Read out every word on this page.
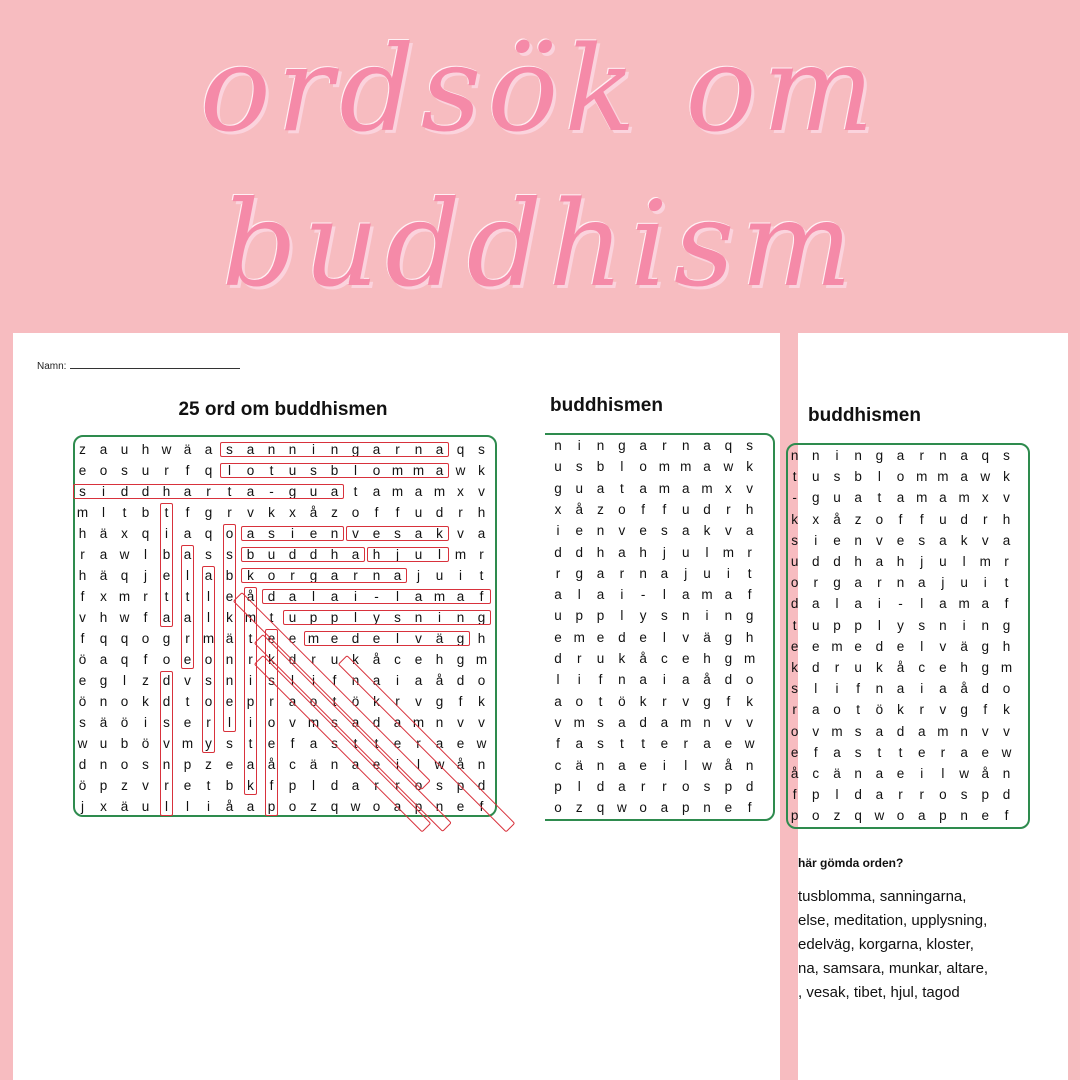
ordsök om
buddhism
Namn:
25 ord om buddhismen
z	a u h w ä a	s	a n n	i	n g a	r	n a q	s
e o	s	u	r	f	q	l	o	t	u	s	b	l	o m m a w k
s	i	d d h a	r	t	a	-	g u a	t	a m a m x	v
m	l	t	b	t	f	g	r	v	k	x	å	z	o	f	f	u d	r	h
h ä	x	q	i	a q o a	s	i	e n	v	e	s	a	k	v	a
r	a w	l	b a	s	s	b u d d h a h	j	u	l	m r
h ä q	j	e	l	a b	k	o	r	g a	r	n a	j	u	i	t
f	x m r	t	t	l	e å d a	l	a	i	-	l	a m a	f
v	h w	f	a a	l	k m t	u p p	l	y	s	n	i	n g
f	q q o g	r m ä	t	e e m e d e	l	v	ä g h
ö a q	f	o e o n	r	k	d	r	u	k	å	c	e h g m
e g	l	z	d	v	s	n	i	s	l	i	f	n a	i	a å d o
ö n o	k	d	t	o e p	r	a o	t	ö	k	r	v	g	f	k
s	ä ö	i	s	e	r	l	i	o	v m s	a d a m n	v	v
w u b ö	v m y	s	t	e	f	a	s	t	t	e	r	a e w
d n o	s	n p	z	e a å	c	ä n a e	i	l	w å n
ö p	z	v	r	e	t	b	k	f	p	l	d a	r	r	o	s	p d
j	x	ä u	l	l	i	å a p o	z	q w o a p n e	f
buddhismen
n	i	n	g	a	r	n	a	q	s
u	s	b	l	o m m a w k
g	u	a	t	a m a m x	v
x	å	z	o	f	f	u	d	r	h
i	e	n	v	e	s	a	k	v	a
d	d	h	a	h	j	u	l	m r
r	g	a	r	n	a	j	u	i	t
a	l	a	i	-	l	a m a	f
u	p	p	l	y	s	n	i	n	g
e m e	d	e	l	v	ä	g	h
d	r	u	k	å	c	e	h	g m
l	i	f	n	a	i	a	å	d	o
a	o	t	ö	k	r	v	g	f	k
v m s	a	d	a m n	v	v
f	a	s	t	t	e	r	a	e w
c	ä	n	a	e	i	l	w å	n
p	l	d	a	r	r	o	s	p	d
o	z	q w o	a	p	n	e	f
buddhismen
n	n	i	n	g	a	r	n	a	q	s
t	u	s	b	l	o m m a w k
-	g	u	a	t	a m a m x	v
k	x	å	z	o	f	f	u	d	r	h
s	i	e	n	v	e	s	a	k	v	a
u	d	d	h	a	h	j	u	l	m r
o	r	g	a	r	n	a	j	u	i	t
d	a	l	a	i	-	l	a m a	f
t	u	p	p	l	y	s	n	i	n	g
e	e m e	d	e	l	v	ä	g	h
k	d	r	u	k	å	c	e	h	g m
s	l	i	f	n	a	i	a	å	d	o
r	a	o	t	ö	k	r	v	g	f	k
o	v m s	a	d	a m n	v	v
e	f	a	s	t	t	e	r	a	e w
å	c	ä	n	a	e	i	l	w å	n
f	p	l	d	a	r	r	o	s	p	d
p	o	z	q w o	a	p	n	e	f
här gömda orden?
tusblomma, sanningarna,
else, meditation, upplysning,
edelväg, korgarna, kloster,
na, samsara, munkar, altare,
, vesak, tibet, hjul, tagod
